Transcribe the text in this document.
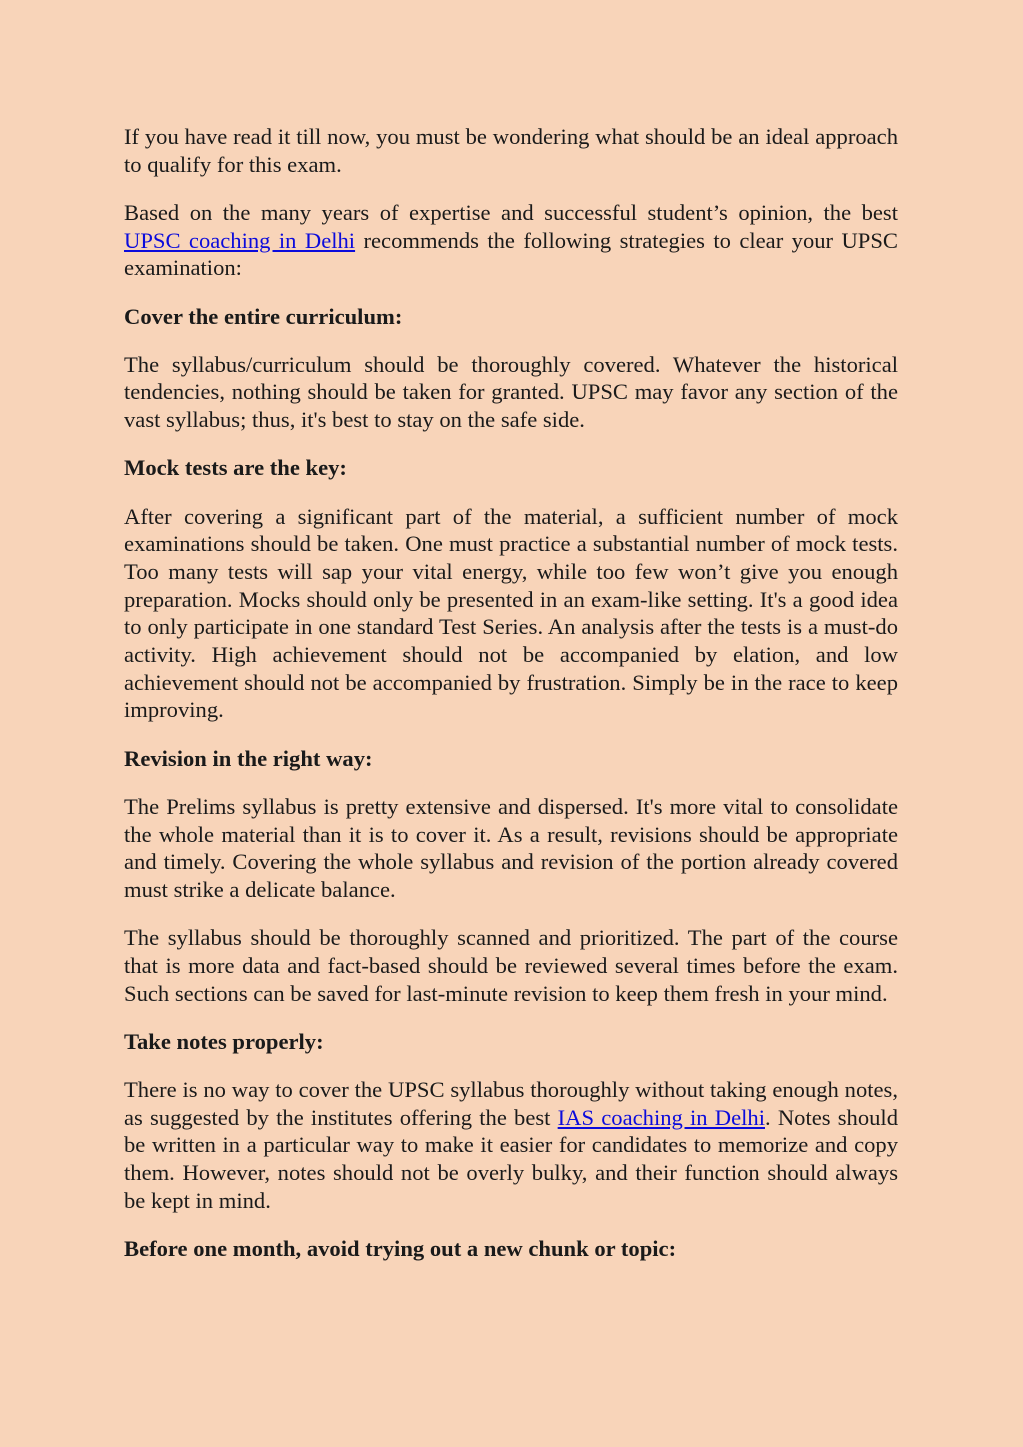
If you have read it till now, you must be wondering what should be an ideal approach to qualify for this exam.

Based on the many years of expertise and successful student’s opinion, the best UPSC coaching in Delhi recommends the following strategies to clear your UPSC examination:

Cover the entire curriculum:

The syllabus/curriculum should be thoroughly covered. Whatever the historical tendencies, nothing should be taken for granted. UPSC may favor any section of the vast syllabus; thus, it's best to stay on the safe side.

Mock tests are the key:

After covering a significant part of the material, a sufficient number of mock examinations should be taken. One must practice a substantial number of mock tests. Too many tests will sap your vital energy, while too few won’t give you enough preparation. Mocks should only be presented in an exam-like setting. It's a good idea to only participate in one standard Test Series. An analysis after the tests is a must-do activity. High achievement should not be accompanied by elation, and low achievement should not be accompanied by frustration. Simply be in the race to keep improving.

Revision in the right way:

The Prelims syllabus is pretty extensive and dispersed. It's more vital to consolidate the whole material than it is to cover it. As a result, revisions should be appropriate and timely. Covering the whole syllabus and revision of the portion already covered must strike a delicate balance.

The syllabus should be thoroughly scanned and prioritized. The part of the course that is more data and fact-based should be reviewed several times before the exam. Such sections can be saved for last-minute revision to keep them fresh in your mind.

Take notes properly:

There is no way to cover the UPSC syllabus thoroughly without taking enough notes, as suggested by the institutes offering the best IAS coaching in Delhi. Notes should be written in a particular way to make it easier for candidates to memorize and copy them. However, notes should not be overly bulky, and their function should always be kept in mind.

Before one month, avoid trying out a new chunk or topic:
